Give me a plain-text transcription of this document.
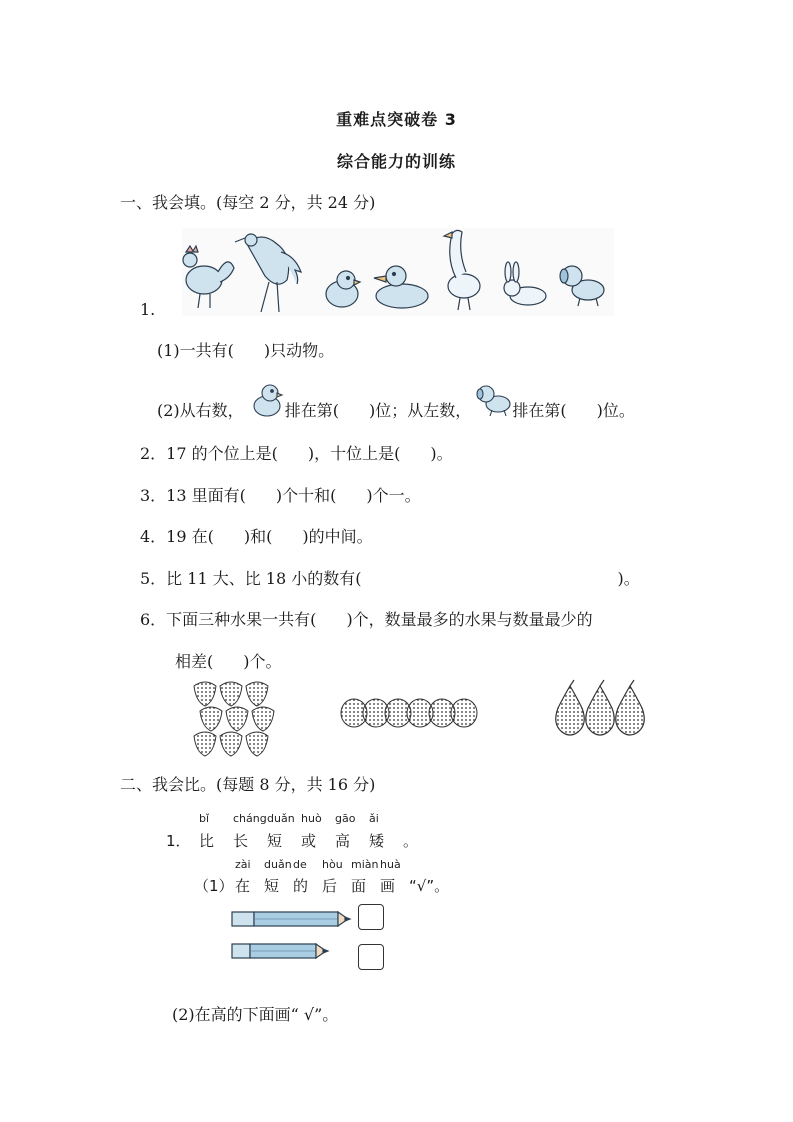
重难点突破卷 3
综合能力的训练
一、我会填。(每空 2 分，共 24 分)
1.
(1)一共有( )只动物。
(2)从右数，	排在第( )位；从左数，	排在第( )位。
2．17 的个位上是( )，十位上是( )。
3．13 里面有( )个十和( )个一。
4．19 在( )和( )的中间。
5．比 11 大、比 18 小的数有(	)。
6．下面三种水果一共有( )个，数量最多的水果与数量最少的
相差( )个。
二、我会比。(每题 8 分，共 16 分)
bǐ chángduǎn huò gāo ǎi
1． 比 长 短 或 高 矮 。
zài duǎnde hòu miàn huà
（1）在 短 的 后 面 画 “√”。
(2)在高的下面画“ √”。
